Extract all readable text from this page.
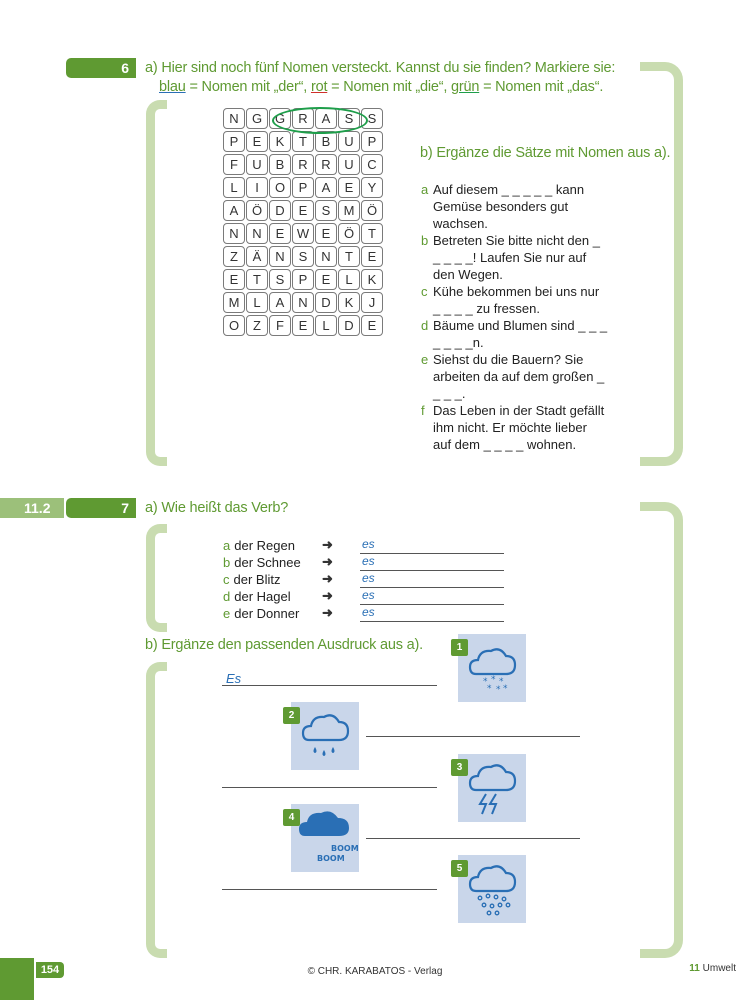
6 a) Hier sind noch fünf Nomen versteckt. Kannst du sie finden? Markiere sie:
blau = Nomen mit „der“, rot = Nomen mit „die“, grün = Nomen mit „das“.
N	G G	R	A	S	S
P	E	K	T	B	U	P
F	U	B	R	R	U	C
L	I	O	P	A	E	Y
A	Ö	D	E	S	M Ö
N	N	E W E	Ö	T
Z	Ä	N	S	N	T	E
E	T	S	P	E	L	K
M	L	A	N	D	K	J
O	Z	F	E	L	D	E
b) Ergänze die Sätze mit Nomen aus a).
a Auf diesem _ _ _ _ _ kann Gemüse besonders gut wachsen.
b Betreten Sie bitte nicht den _ _ _ _ _! Laufen Sie nur auf den Wegen.
c Kühe bekommen bei uns nur _ _ _ _ zu fressen.
d Bäume und Blumen sind _ _ _ _ _ _ _n.
e Siehst du die Bauern? Sie arbeiten da auf dem großen _ _ _ _.
f Das Leben in der Stadt gefällt ihm nicht. Er möchte lieber auf dem _ _ _ _ wohnen.
11.2	7 a) Wie heißt das Verb?
a der Regen ➜ es
b der Schnee ➜ es
c der Blitz	➜ es
d der Hagel ➜ es
e der Donner ➜ es
b) Ergänze den passenden Ausdruck aus a).
Es	* * *
* * *
1
2
3
BOOM
BOOM
4
5
154	© CHR. KARABATOS - Verlag	11 Umwelt
